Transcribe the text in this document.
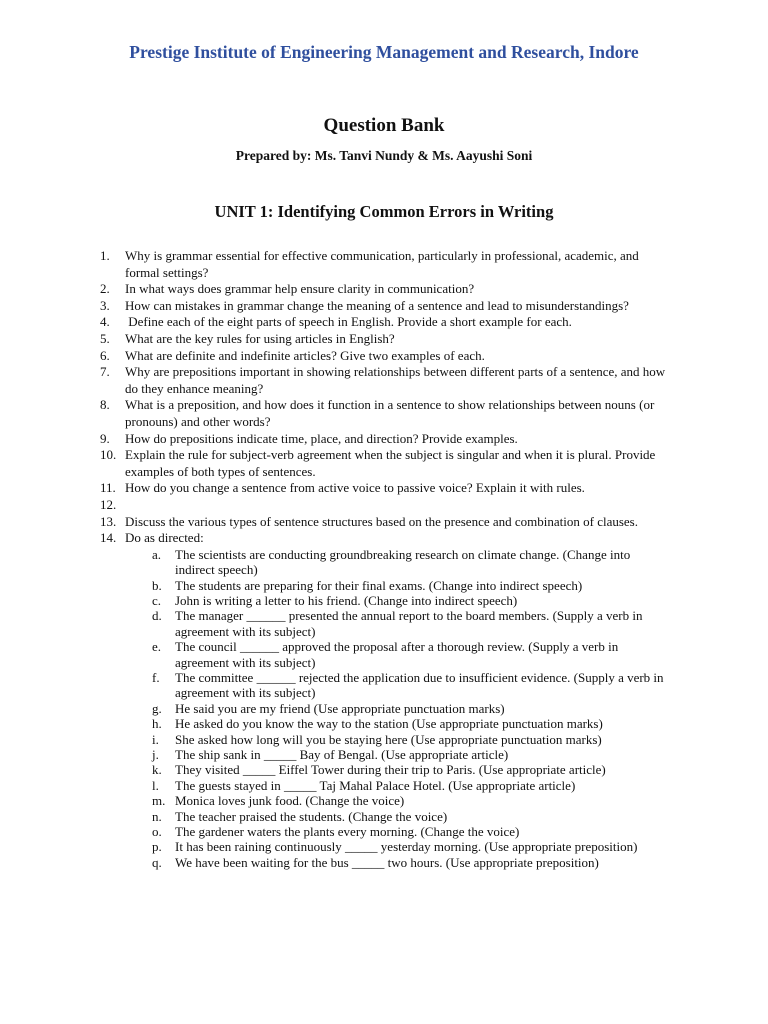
Prestige Institute of Engineering Management and Research, Indore
Question Bank
Prepared by: Ms. Tanvi Nundy & Ms. Aayushi Soni
UNIT 1: Identifying Common Errors in Writing
1.	Why is grammar essential for effective communication, particularly in professional, academic, and formal settings?
2.	In what ways does grammar help ensure clarity in communication?
3.	How can mistakes in grammar change the meaning of a sentence and lead to misunderstandings?
4.	Define each of the eight parts of speech in English. Provide a short example for each.
5.	What are the key rules for using articles in English?
6.	What are definite and indefinite articles? Give two examples of each.
7.	Why are prepositions important in showing relationships between different parts of a sentence, and how do they enhance meaning?
8.	What is a preposition, and how does it function in a sentence to show relationships between nouns (or pronouns) and other words?
9.	How do prepositions indicate time, place, and direction? Provide examples.
10. Explain the rule for subject-verb agreement when the subject is singular and when it is plural. Provide examples of both types of sentences.
11. How do you change a sentence from active voice to passive voice? Explain it with rules.
12.
13. Discuss the various types of sentence structures based on the presence and combination of clauses.
14. Do as directed:
a.	The scientists are conducting groundbreaking research on climate change. (Change into indirect speech)
b.	The students are preparing for their final exams. (Change into indirect speech)
c.	John is writing a letter to his friend. (Change into indirect speech)
d.	The manager ______ presented the annual report to the board members. (Supply a verb in agreement with its subject)
e.	The council ______ approved the proposal after a thorough review. (Supply a verb in agreement with its subject)
f.	The committee ______ rejected the application due to insufficient evidence. (Supply a verb in agreement with its subject)
g.	He said you are my friend (Use appropriate punctuation marks)
h.	He asked do you know the way to the station (Use appropriate punctuation marks)
i.	She asked how long will you be staying here (Use appropriate punctuation marks)
j.	The ship sank in _____ Bay of Bengal. (Use appropriate article)
k.	They visited _____ Eiffel Tower during their trip to Paris. (Use appropriate article)
l.	The guests stayed in _____ Taj Mahal Palace Hotel. (Use appropriate article)
m. Monica loves junk food. (Change the voice)
n.	The teacher praised the students. (Change the voice)
o.	The gardener waters the plants every morning. (Change the voice)
p.	It has been raining continuously _____ yesterday morning. (Use appropriate preposition)
q.	We have been waiting for the bus _____ two hours. (Use appropriate preposition)
